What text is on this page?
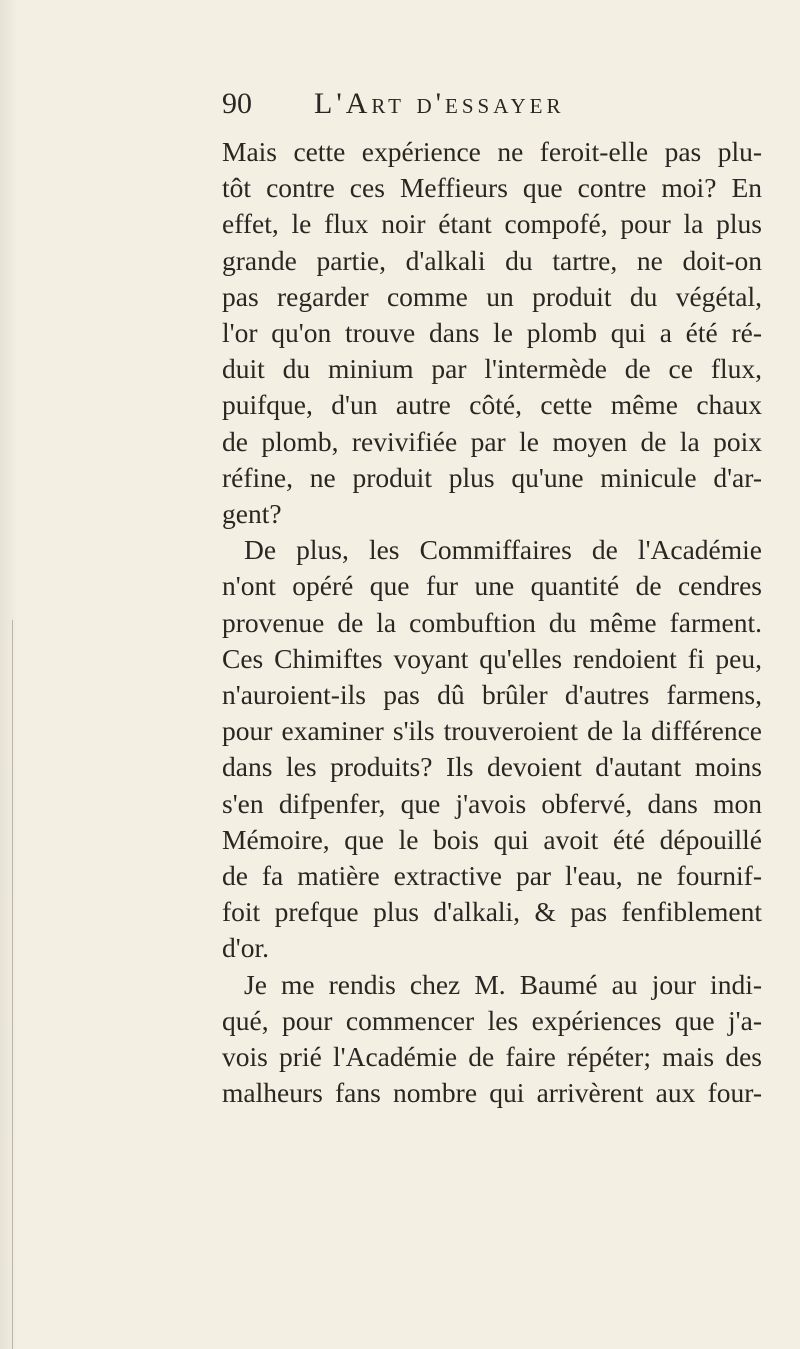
90 L'Art d'essayer
Mais cette expérience ne feroit-elle pas plu-
tôt contre ces Meffieurs que contre moi? En
effet, le flux noir étant compofé, pour la plus
grande partie, d'alkali du tartre, ne doit-on
pas regarder comme un produit du végétal,
l'or qu'on trouve dans le plomb qui a été ré-
duit du minium par l'intermède de ce flux,
puifque, d'un autre côté, cette même chaux
de plomb, revivifiée par le moyen de la poix
réfine, ne produit plus qu'une minicule d'ar-
gent?
De plus, les Commiffaires de l'Académie
n'ont opéré que fur une quantité de cendres
provenue de la combuftion du même farment.
Ces Chimiftes voyant qu'elles rendoient fi peu,
n'auroient-ils pas dû brûler d'autres farmens,
pour examiner s'ils trouveroient de la différence
dans les produits? Ils devoient d'autant moins
s'en difpenfer, que j'avois obfervé, dans mon
Mémoire, que le bois qui avoit été dépouillé
de fa matière extractive par l'eau, ne fournif-
foit prefque plus d'alkali, & pas fenfiblement
d'or.
Je me rendis chez M. Baumé au jour indi-
qué, pour commencer les expériences que j'a-
vois prié l'Académie de faire répéter; mais des
malheurs fans nombre qui arrivèrent aux four-
